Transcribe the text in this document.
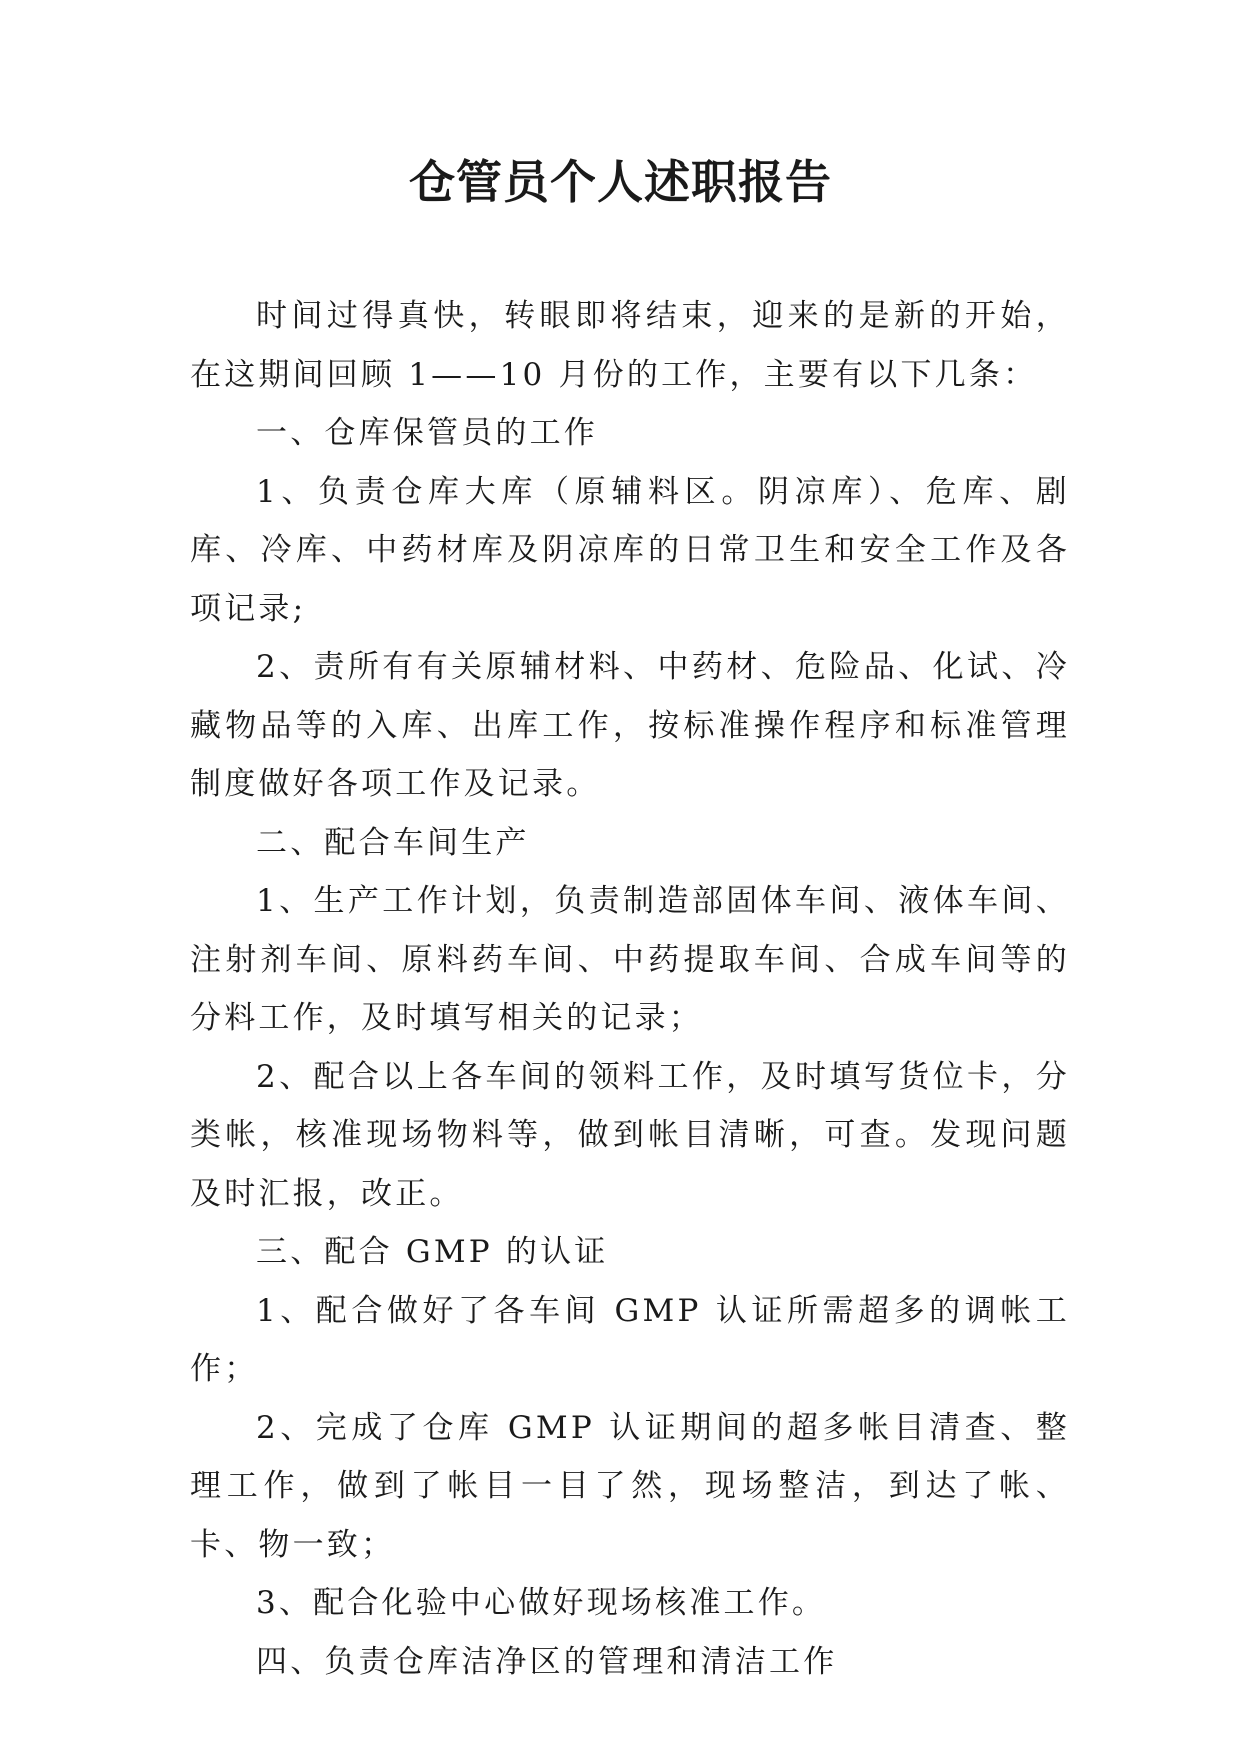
仓管员个人述职报告

时间过得真快，转眼即将结束，迎来的是新的开始，在这期间回顾 1——10 月份的工作，主要有以下几条：

一、仓库保管员的工作

1、负责仓库大库（原辅料区。阴凉库）、危库、剧库、冷库、中药材库及阴凉库的日常卫生和安全工作及各项记录;

2、责所有有关原辅材料、中药材、危险品、化试、冷藏物品等的入库、出库工作，按标准操作程序和标准管理制度做好各项工作及记录。

二、配合车间生产

1、生产工作计划，负责制造部固体车间、液体车间、注射剂车间、原料药车间、中药提取车间、合成车间等的分料工作，及时填写相关的记录；

2、配合以上各车间的领料工作，及时填写货位卡，分类帐，核准现场物料等，做到帐目清晰，可查。发现问题及时汇报，改正。

三、配合 GMP 的认证

1、配合做好了各车间 GMP 认证所需超多的调帐工作；

2、完成了仓库 GMP 认证期间的超多帐目清查、整理工作，做到了帐目一目了然，现场整洁，到达了帐、卡、物一致；

3、配合化验中心做好现场核准工作。

四、负责仓库洁净区的管理和清洁工作
